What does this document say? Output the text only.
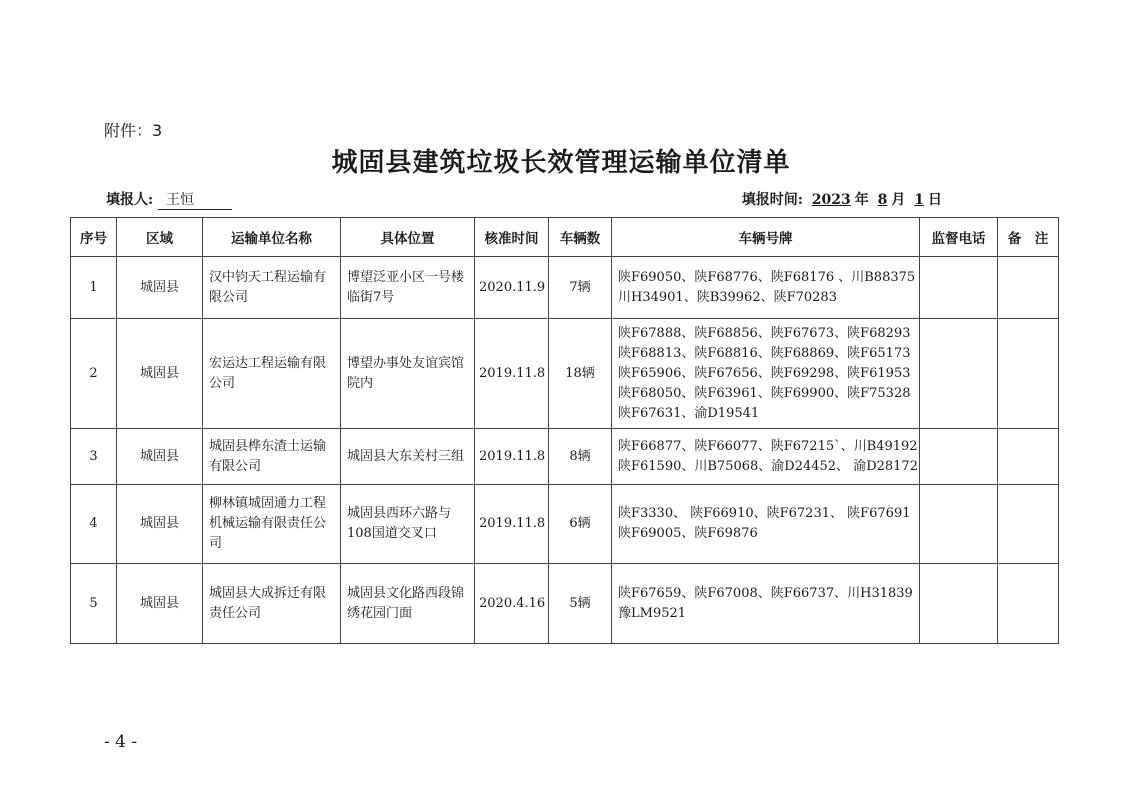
附件：3
城固县建筑垃圾长效管理运输单位清单
填报人: 王恒	填报时间: 2023 年 8 月 1 日
序号	区域	运输单位名称	具体位置	核准时间	车辆数	车辆号牌	监督电话	备　注
1	城固县	汉中钧天工程运输有限公司	博望泛亚小区一号楼临街7号	2020.11.9	7辆	陕F69050、陕F68776、陕F68176 、川B88375
川H34901、陕B39962、陕F70283		

2	城固县	宏运达工程运输有限公司	博望办事处友谊宾馆院内	2019.11.8	18辆	陕F67888、陕F68856、陕F67673、陕F68293
陕F68813、陕F68816、陕F68869、陕F65173
陕F65906、陕F67656、陕F69298、陕F61953
陕F68050、陕F63961、陕F69900、陕F75328
陕F67631、渝D19541		

3	城固县	城固县桦东渣土运输有限公司	城固县大东关村三组	2019.11.8	8辆	陕F66877、陕F66077、陕F67215`、川B49192
陕F61590、川B75068、渝D24452、 渝D28172		

4	城固县	柳林镇城固通力工程机械运输有限责任公司	城固县西环六路与108国道交叉口	2019.11.8	6辆	陕F3330、 陕F66910、陕F67231、 陕F67691
陕F69005、陕F69876		

5	城固县	城固县大成拆迁有限责任公司	城固县文化路西段锦绣花园门面	2020.4.16	5辆	陕F67659、陕F67008、陕F66737、川H31839
豫LM9521		

- 4 -
